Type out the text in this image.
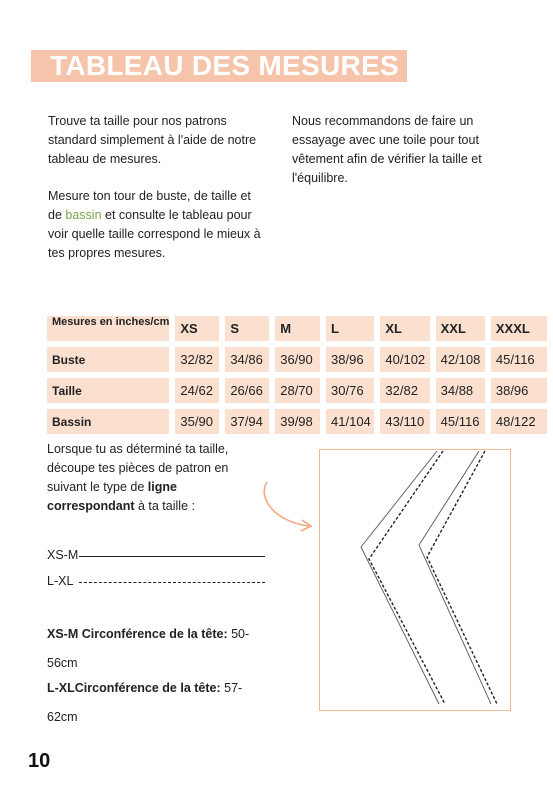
TABLEAU DES MESURES
Trouve ta taille pour nos patrons standard simplement à l'aide de notre tableau de mesures.
Mesure ton tour de buste, de taille et de bassin et consulte le tableau pour voir quelle taille correspond le mieux à tes propres mesures.
Nous recommandons de faire un essayage avec une toile pour tout vêtement afin de vérifier la taille et l'équilibre.
Mesures en inches/cm	XS	S	M	L	XL	XXL	XXXL
Buste	32/82	34/86	36/90	38/96	40/102	42/108	45/116
Taille	24/62	26/66	28/70	30/76	32/82	34/88	38/96
Bassin	35/90	37/94	39/98	41/104	43/110	45/116	48/122
Lorsque tu as déterminé ta taille, découpe tes pièces de patron en suivant le type de ligne correspondant à ta taille :
XS-M
L-XL
XS-M Circonférence de la tête: 50-56cm
L-XLCirconférence de la tête: 57-62cm
10
